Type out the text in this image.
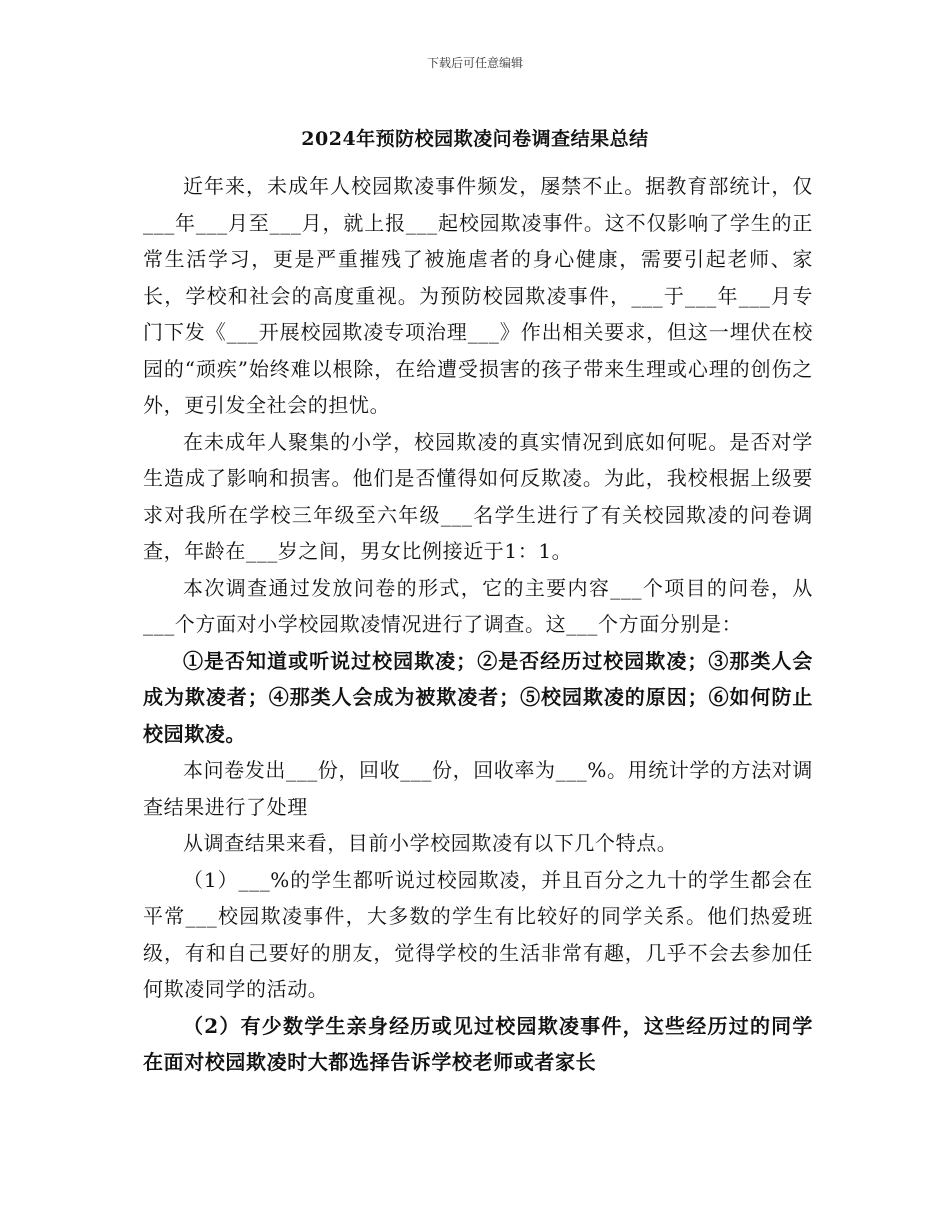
下载后可任意编辑
2024年预防校园欺凌问卷调查结果总结

近年来，未成年人校园欺凌事件频发，屡禁不止。据教育部统计，仅___年___月至___月，就上报___起校园欺凌事件。这不仅影响了学生的正常生活学习，更是严重摧残了被施虐者的身心健康，需要引起老师、家长，学校和社会的高度重视。为预防校园欺凌事件，___于___年___月专门下发《___开展校园欺凌专项治理___》作出相关要求，但这一埋伏在校园的“顽疾”始终难以根除，在给遭受损害的孩子带来生理或心理的创伤之外，更引发全社会的担忧。

在未成年人聚集的小学，校园欺凌的真实情况到底如何呢。是否对学生造成了影响和损害。他们是否懂得如何反欺凌。为此，我校根据上级要求对我所在学校三年级至六年级___名学生进行了有关校园欺凌的问卷调查，年龄在___岁之间，男女比例接近于1：1。

本次调查通过发放问卷的形式，它的主要内容___个项目的问卷，从___个方面对小学校园欺凌情况进行了调查。这___个方面分别是：

①是否知道或听说过校园欺凌；②是否经历过校园欺凌；③那类人会成为欺凌者；④那类人会成为被欺凌者；⑤校园欺凌的原因；⑥如何防止校园欺凌。

本问卷发出___份，回收___份，回收率为___%。用统计学的方法对调查结果进行了处理

从调查结果来看，目前小学校园欺凌有以下几个特点。

（1）___%的学生都听说过校园欺凌，并且百分之九十的学生都会在平常___校园欺凌事件，大多数的学生有比较好的同学关系。他们热爱班级，有和自己要好的朋友，觉得学校的生活非常有趣，几乎不会去参加任何欺凌同学的活动。

（2）有少数学生亲身经历或见过校园欺凌事件，这些经历过的同学在面对校园欺凌时大都选择告诉学校老师或者家长
